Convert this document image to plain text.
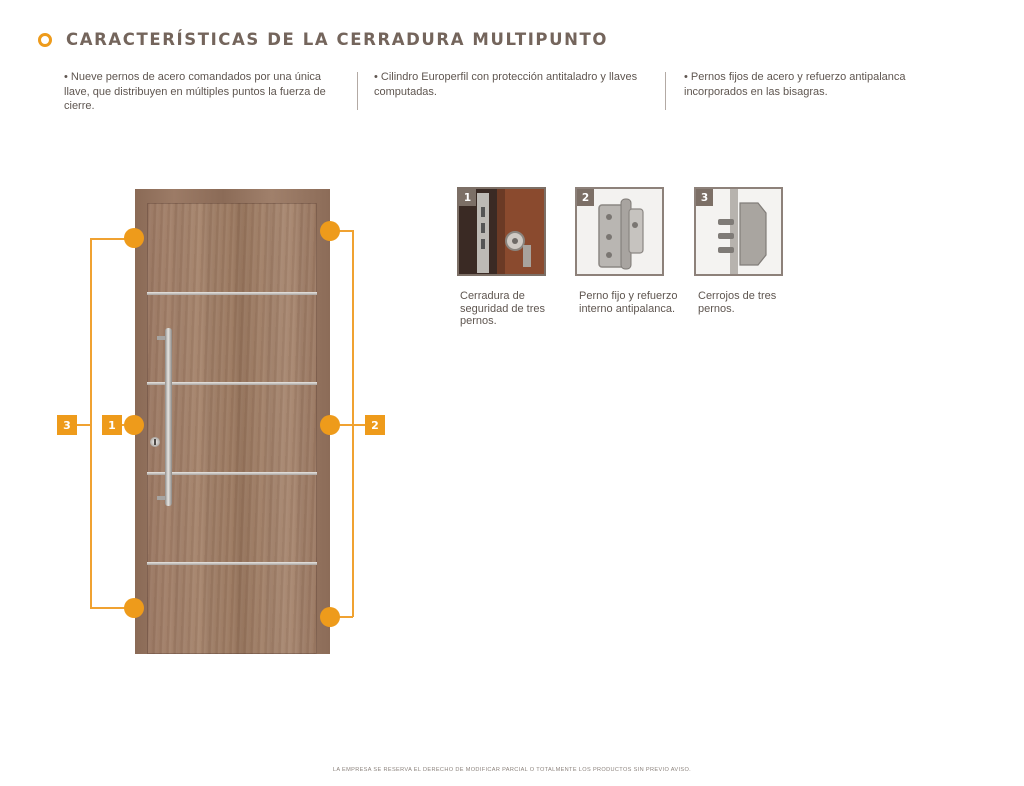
CARACTERÍSTICAS DE LA CERRADURA MULTIPUNTO
• Nueve pernos de acero comandados por una única llave, que distribuyen en múltiples puntos la fuerza de cierre.
• Cilindro Europerfil con protección antitaladro y llaves computadas.
• Pernos fijos de acero y refuerzo antipalanca incorporados en las bisagras.
3	1	2
1
Cerradura de seguridad de tres pernos.
2
Perno fijo y refuerzo interno antipalanca.
3
Cerrojos de tres pernos.
LA EMPRESA SE RESERVA EL DERECHO DE MODIFICAR PARCIAL O TOTALMENTE LOS PRODUCTOS SIN PREVIO AVISO.
